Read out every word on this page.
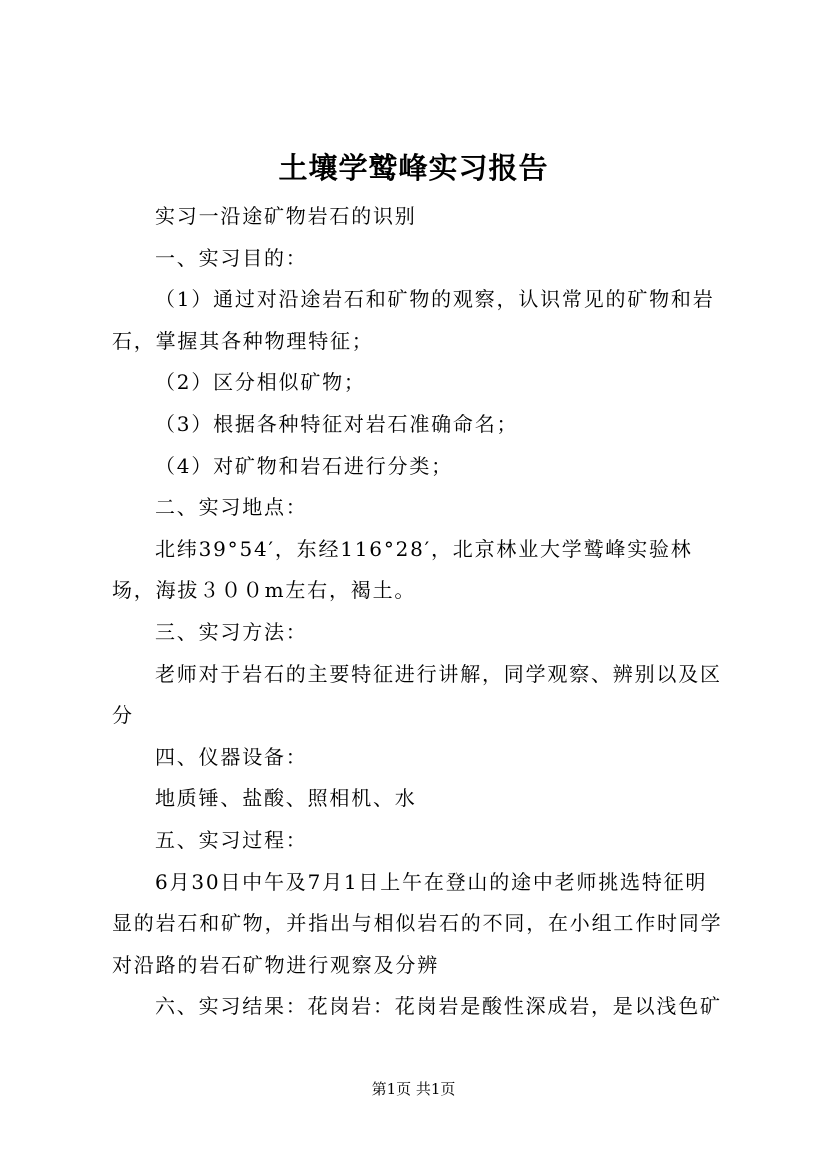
土壤学鹫峰实习报告

实习一沿途矿物岩石的识别

一、实习目的：

（1）通过对沿途岩石和矿物的观察，认识常见的矿物和岩石，掌握其各种物理特征；

（2）区分相似矿物；

（3）根据各种特征对岩石准确命名；

（4）对矿物和岩石进行分类；

二、实习地点：

北纬39°54′，东经116°28′，北京林业大学鹫峰实验林场，海拔３００m左右，褐土。

三、实习方法：

老师对于岩石的主要特征进行讲解，同学观察、辨别以及区分

四、仪器设备：

地质锤、盐酸、照相机、水

五、实习过程：

6月30日中午及7月1日上午在登山的途中老师挑选特征明显的岩石和矿物，并指出与相似岩石的不同，在小组工作时同学对沿路的岩石矿物进行观察及分辨

六、实习结果：花岗岩：花岗岩是酸性深成岩，是以浅色矿

第1页 共1页
